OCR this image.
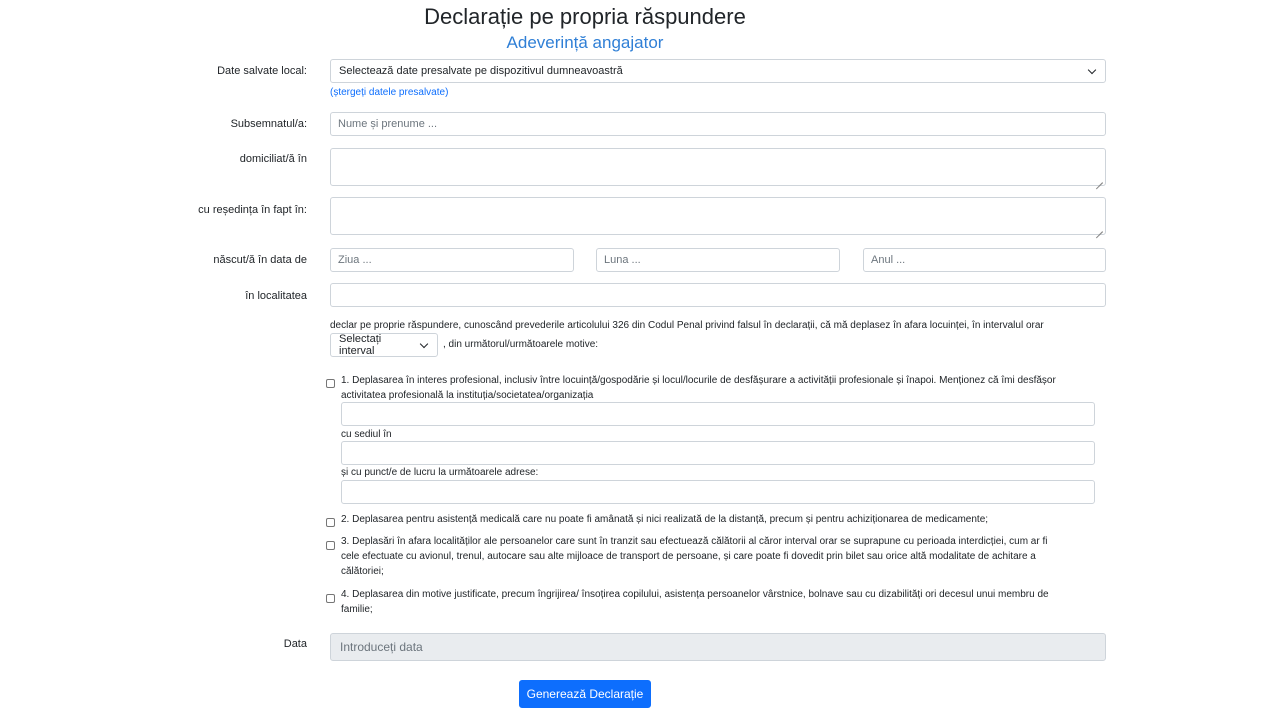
Declarație pe propria răspundere
Adeverință angajator
Date salvate local:	Selectează date presalvate pe dispozitivul dumneavoastră
(ștergeți datele presalvate)
Subsemnatul/a:	Nume și prenume ...
domiciliat/ă în
cu reședința în fapt în:
născut/ă în data de	Ziua ...	Luna ...	Anul ...
în localitatea
declar pe proprie răspundere, cunoscând prevederile articolului 326 din Codul Penal privind falsul în declarații, că mă deplasez în afara locuinței, în intervalul orar
Selectați interval
, din următorul/următoarele motive:
1. Deplasarea în interes profesional, inclusiv între locuință/gospodărie și locul/locurile de desfășurare a activității profesionale și înapoi. Menționez că îmi desfășor
activitatea profesională la instituția/societatea/organizația
cu sediul în
și cu punct/e de lucru la următoarele adrese:
2. Deplasarea pentru asistență medicală care nu poate fi amânată și nici realizată de la distanță, precum și pentru achiziționarea de medicamente;
3. Deplasări în afara localităților ale persoanelor care sunt în tranzit sau efectuează călătorii al căror interval orar se suprapune cu perioada interdicției, cum ar fi
cele efectuate cu avionul, trenul, autocare sau alte mijloace de transport de persoane, și care poate fi dovedit prin bilet sau orice altă modalitate de achitare a
călătoriei;
4. Deplasarea din motive justificate, precum îngrijirea/ însoțirea copilului, asistența persoanelor vârstnice, bolnave sau cu dizabilități ori decesul unui membru de
familie;
Data	Introduceți data
Generează Declarație
